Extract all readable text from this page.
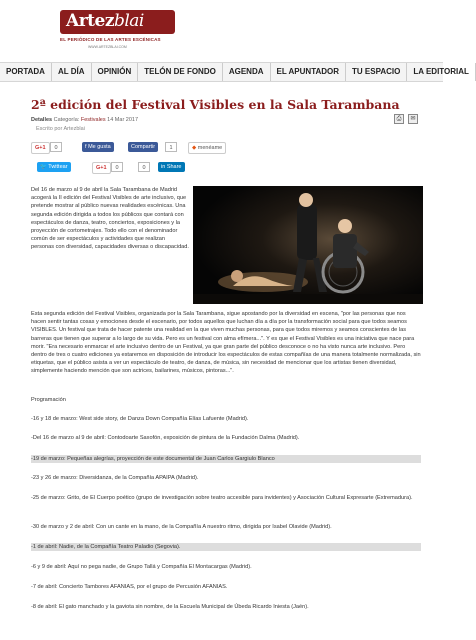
Artezblai
EL PERIÓDICO DE LAS ARTES ESCÉNICAS
WWW.ARTEZBLAI.COM
PORTADA	AL DÍA	OPINIÓN	TELÓN DE FONDO	AGENDA	EL APUNTADOR	TU ESPACIO	LA EDITORIAL
2ª edición del Festival Visibles en la Sala Tarambana
Detalles Categoría: Festivales 14 Mar 2017
Escrito por Artezblai
⎙	✉
G+1	0	f Me gusta	Compartir	1	◆ menéame
🐦 Twittear	G+1	0	0	in Share
Del 16 de marzo al 9 de abril la Sala Tarambana de Madrid acogerá la II edición del Festival Visibles de arte inclusivo, que pretende mostrar al público nuevas realidades escénicas. Una segunda edición dirigida a todos los públicos que contará con espectáculos de danza, teatro, conciertos, exposiciones y la proyección de cortometrajes. Todo ello con el denominador común de ser espectáculos y actividades que realizan personas con diversidad, capacidades diversas o discapacidad.
Esta segunda edición del Festival Visibles, organizada por la Sala Tarambana, sigue apostando por la diversidad en escena, "por las personas que nos hacen sentir tantas cosas y emociones desde el escenario, por todos aquellos que luchan día a día por la transformación social para que todos seamos VISIBLES. Un festival que trata de hacer patente una realidad en la que viven muchas personas, para que todos miremos y seamos conscientes de las barreras que tienen que superar a lo largo de su vida. Pero es un festival con alma efímera...". Y es que el Festival Visibles es una iniciativa que nace para morir. "Era necesario enmarcar el arte inclusivo dentro de un Festival, ya que gran parte del público desconoce o no ha visto nunca arte inclusivo. Pero dentro de tres o cuatro ediciones ya estaremos en disposición de introducir los espectáculos de estas compañías de una manera totalmente normalizada, sin etiquetas, que el público asista a ver un espectáculo de teatro, de danza, de música, sin necesidad de mencionar que los artistas tienen diversidad, simplemente haciendo mención que son actrices, bailarines, músicos, pintoras...".
Programación
-16 y 18 de marzo: West side story, de Danza Down Compañía Elías Lafuente (Madrid).
-Del 16 de marzo al 9 de abril: Contodoarte Saxofón, exposición de pintura de la Fundación Dalma (Madrid).
-19 de marzo: Pequeñas alegrías, proyección de este documental de Juan Carlos Gargiulo Blanco
-23 y 26 de marzo: Diversidanza, de la Compañía APAIPA (Madrid).
-25 de marzo: Grito, de El Cuerpo poético (grupo de investigación sobre teatro accesible para invidentes) y Asociación Cultural Expresarte (Extremadura).
-30 de marzo y 2 de abril: Con un cante en la mano, de la Compañía A nuestro ritmo, dirigida por Isabel Olavide (Madrid).
-1 de abril: Nadie, de la Compañía Teatro Paladio (Segovia).
-6 y 9 de abril: Aquí no pega nadie, de Grupo Tallá y Compañía El Montacargas (Madrid).
-7 de abril: Concierto Tambores AFANIAS, por el grupo de Percusión AFANIAS.
-8 de abril: El gato manchado y la gaviota sin nombre, de la Escuela Municipal de Úbeda Ricardo Iniesta (Jaén).
